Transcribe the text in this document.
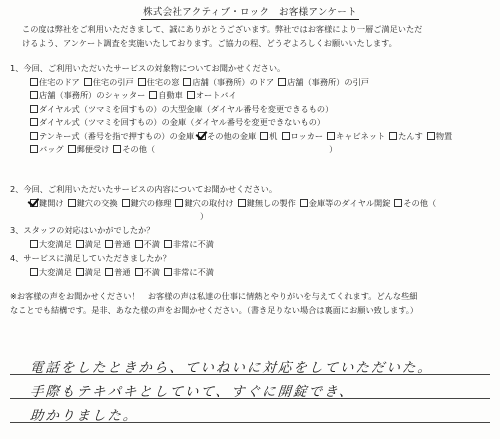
株式会社アクティブ・ロック　お客様アンケート
この度は弊社をご利用いただきまして、誠にありがとうございます。弊社ではお客様により一層ご満足いただ
けるよう、アンケート調査を実施いたしております。ご協力の程、どうぞよろしくお願いいたします。
1、今回、ご利用いただいたサービスの対象物についてお聞かせください。
住宅のドア 住宅の引戸 住宅の窓 店舗（事務所）のドア 店舗（事務所）の引戸店舗（事務所）のシャッター 自動車 オートバイダイヤル式（ツマミを回すもの）の大型金庫（ダイヤル番号を変更できるもの）ダイヤル式（ツマミを回すもの）の金庫（ダイヤル番号を変更できないもの）テンキー式（番号を指で押すもの）の金庫 その他の金庫 机 ロッカー キャビネット たんす 物置バッグ 郵便受け その他（	）
2、今回、ご利用いただいたサービスの内容についてお聞かせください。
鍵開け 鍵穴の交換 鍵穴の修理 鍵穴の取付け 鍵無しの製作 金庫等のダイヤル開錠 その他（）
3、スタッフの対応はいかがでしたか？
大変満足 満足 普通 不満 非常に不満
4、サービスに満足していただきましたか？
大変満足 満足 普通 不満 非常に不満
※お客様の声をお聞かせください！　お客様の声は私達の仕事に情熱とやりがいを与えてくれます。どんな些細
なことでも結構です。是非、あなた様の声をお聞かせください。（書き足りない場合は裏面にお願い致します。）
電話をしたときから、ていねいに対応をしていただいた。
手際もテキパキとしていて、すぐに開錠でき、
助かりました。
